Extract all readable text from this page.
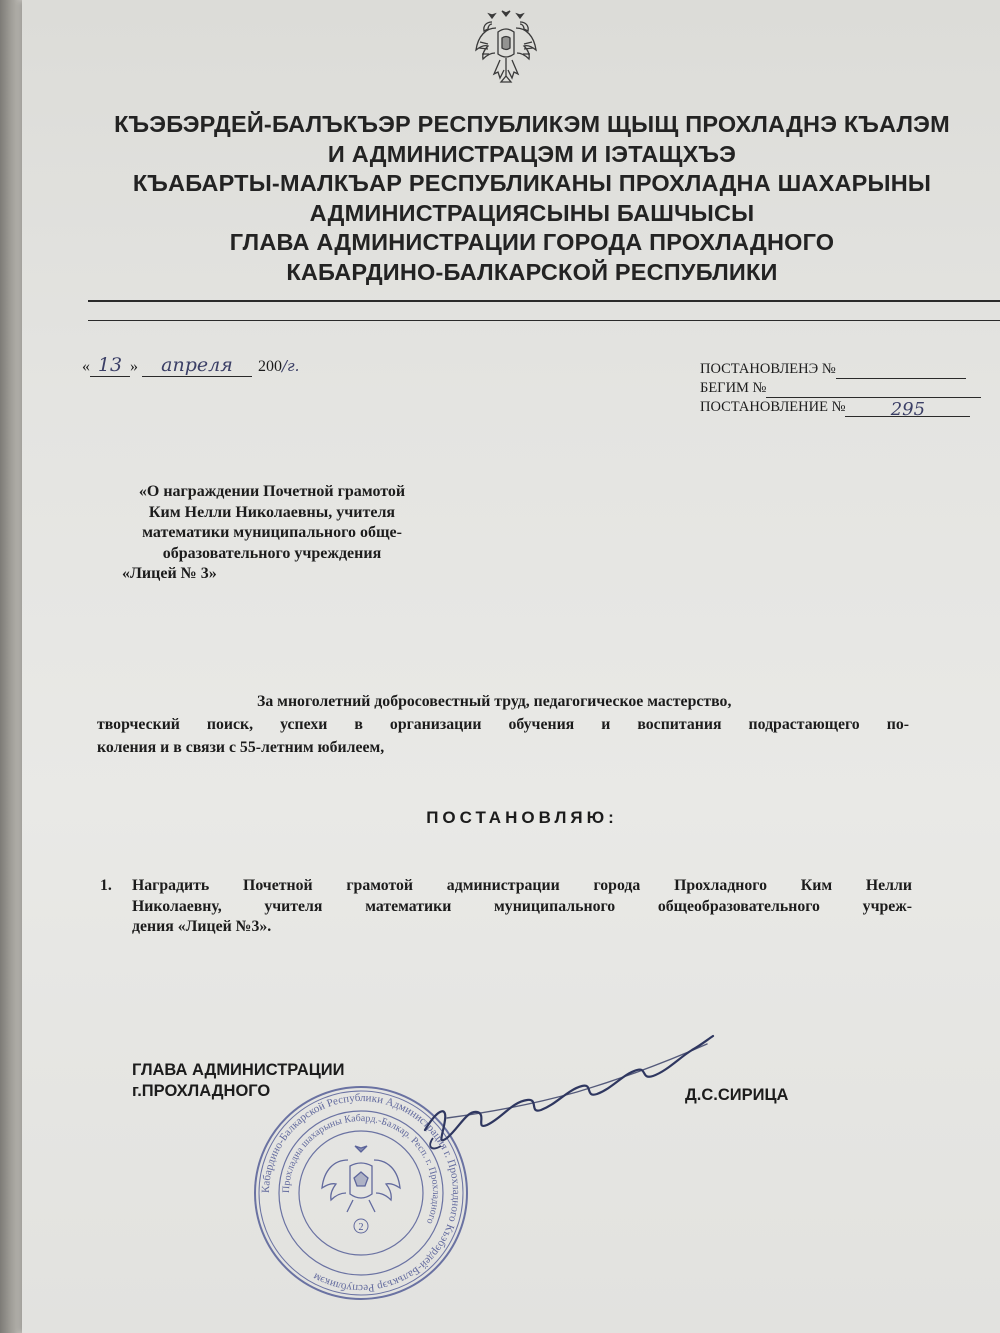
КЪЭБЭРДЕЙ-БАЛЪКЪЭР РЕСПУБЛИКЭМ ЩЫЩ ПРОХЛАДНЭ КЪАЛЭМ
И АДМИНИСТРАЦЭМ И ІЭТАЩХЪЭ
КЪАБАРТЫ-МАЛКЪАР РЕСПУБЛИКАНЫ ПРОХЛАДНА ШАХАРЫНЫ
АДМИНИСТРАЦИЯСЫНЫ БАШЧЫСЫ
ГЛАВА АДМИНИСТРАЦИИ ГОРОДА ПРОХЛАДНОГО
КАБАРДИНО-БАЛКАРСКОЙ РЕСПУБЛИКИ
« 13 »	апреля	200 /г.	ПОСТАНОВЛЕНЭ №
БЕГИМ №
ПОСТАНОВЛЕНИЕ №	295
«О награждении Почетной грамотой
Ким Нелли Николаевны, учителя
математики муниципального обще-
образовательного учреждения
«Лицей № 3»
За многолетний добросовестный труд, педагогическое мастерство,
творческий поиск, успехи в организации обучения и воспитания подрастающего по-
коления и в связи с 55-летним юбилеем,
ПОСТАНОВЛЯЮ:
1. Наградить Почетной грамотой администрации города Прохладного Ким Нелли
Николаевну, учителя математики муниципального общеобразовательного учреж-
дения «Лицей №3».
ГЛАВА АДМИНИСТРАЦИИ
г.ПРОХЛАДНОГО	Д.С.СИРИЦА
Кабардино-Балкарской Республики Администрация г. Прохладного Къэбэрдей-Балъкъэр Республикэм
Прохладна шахарыны Кабард.-Балкар. Респ. г. Прохладного
2
